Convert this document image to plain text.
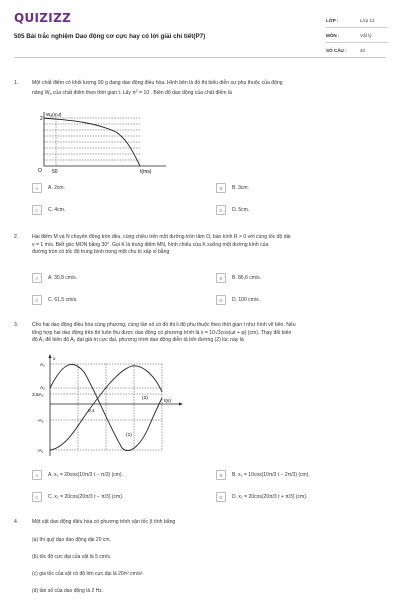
QUIZIZZ
505 Bài trắc nghiệm Dao động cơ cực hay có lời giải chi tiết(P7)
LỚP :	Lớp 12
MÔN :	Vật lý
SỐ CÂU :	40
1.	Một chất điểm có khối lượng 90 g đang dao động điều hòa. Hình bên là đồ thị biểu diễn sự phụ thuộc của động
năng $W_đ$ của chất điểm theo thời gian t. Lấy $\pi^2 = 10$ . Biên độ dao động của chất điểm là
2
$W_đ(mJ)$
O 50	t(ms)
A	A. 2cm.	B	B. 3cm.
C	C. 4cm.	D	D. 5cm.
2.	Hai điểm M và N chuyển động tròn đều, cùng chiều trên một đường tròn tâm O, bán kính R > 0 với cùng tốc độ dài
v = 1 m/s. Biết góc MON bằng 30°. Gọi K là trung điểm MN, hình chiếu của K xuống một đường kính của
đường tròn có tốc độ trung bình trong một chu kì xấp xỉ bằng
A	A. 30,8 cm/s.	B	B. 86,6 cm/s.
C	C. 61,5 cm/s.	D	D. 100 cm/s.
3.	Cho hai dao động điều hòa cùng phương, cùng tần số có đồ thị li độ phụ thuộc theo thời gian t như hình vẽ bên. Nếu
tổng hợp hai dao động trên thì luôn thu được dao động có phương trình là x = 10√3cos(ωt + φ) (cm). Thay đổi biên
độ A₁ để biên độ A₁ đạt giá trị cực đại, phương trình dao động diễn tả bởi đường (2) lúc này là
x
A₁
A₂
3,5A₂
0,1
t(s)
-A₂
-A₁
(2)
(1)
A	A. x₂ = 20cos(10π/3 t − π/3) (cm).	B	B. x₂ = 10cos(10π/3 t − 2π/3) (cm).
C	C. x₂ = 20cos(20π/3 t − π/3) (cm).	D	D. x₂ = 20cos(20π/3 t + π/3) (cm).
4.	Một vật dao động điều hòa có phương trình vận tốc (t tính bằng
(a) thì quỹ đạo dao động dài 20 cm.
(b) tốc độ cực đại của vật là 5 cm/s.
(c) gia tốc của vật có độ lớn cực đại là 20π² cm/s².
(d) tần số của dao động là 2 Hz.
